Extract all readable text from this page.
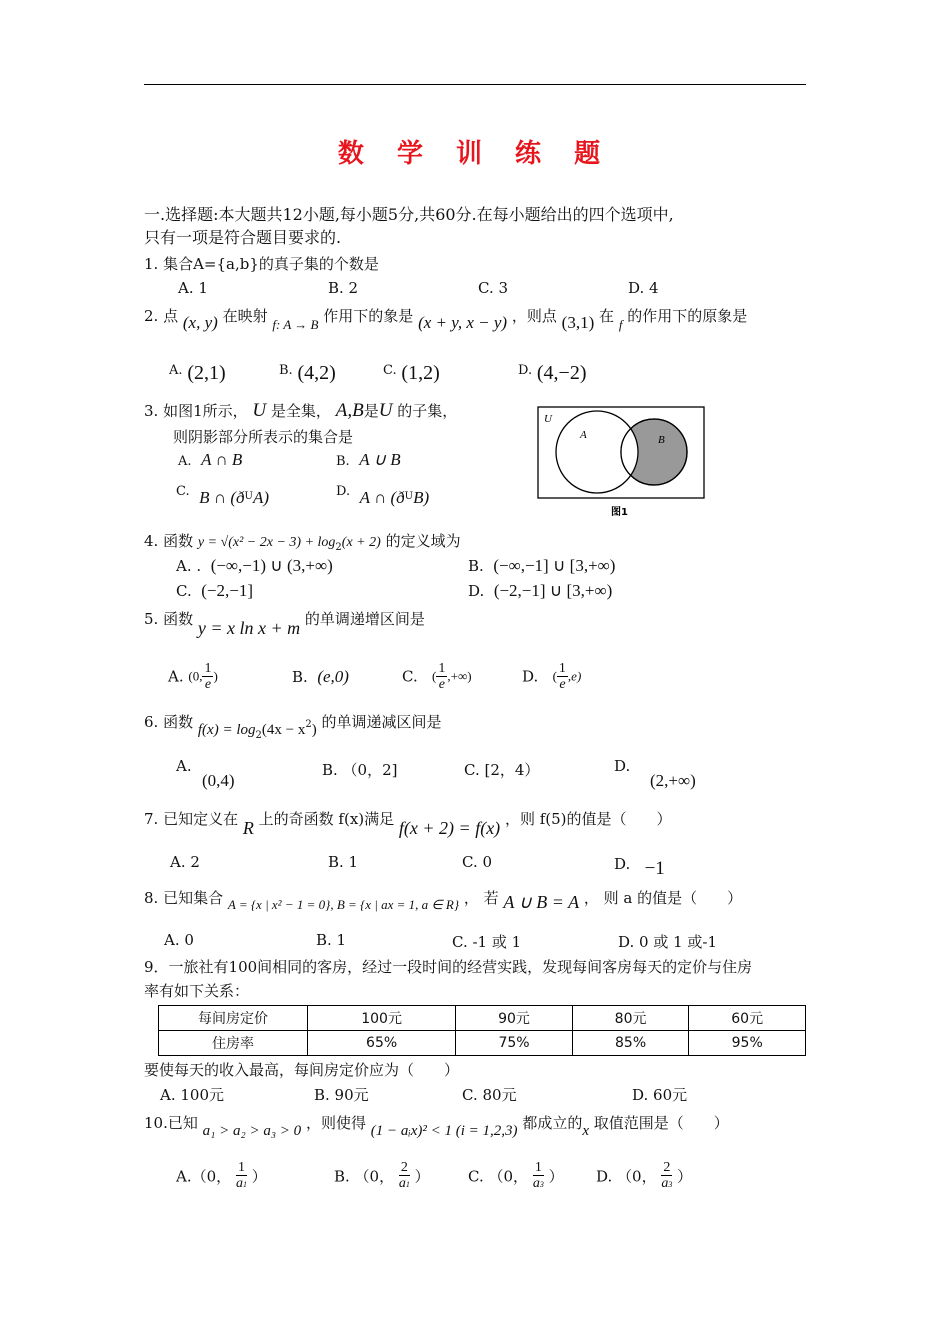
数 学 训 练 题
一.选择题:本大题共12小题,每小题5分,共60分.在每小题给出的四个选项中,
只有一项是符合题目要求的.
1. 集合A={a,b}的真子集的个数是
A. 1	B. 2	C. 3	D. 4
2. 点 (x, y) 在映射 f: A → B 作用下的象是 (x + y, x − y) ，则点 (3,1) 在 f 的作用下的原象是
A. (2,1)	B. (4,2)	C. (1,2)	D. (4,−2)
3. 如图1所示， U 是全集， A,B是U 的子集，
则阴影部分所表示的集合是
A. A ∩ B	B. A ∪ B
C. B ∩ $(ð_UA)$	D. A ∩ $(ð_UB)$
U
A	B
图1
4. 函数 $y = √(x^2 - 2x - 3) + \log_2(x + 2)$ 的定义域为
A. . (−∞,−1) ∪ (3,+∞)	B. (−∞,−1] ∪ [3,+∞)
C. (−2,−1]	D. (−2,−1] ∪ [3,+∞)
5. 函数 y = x ln x + m 的单调递增区间是
A. (0, $\frac{1}{e}$ )	B. (e,0)	C. ( $\frac{1}{e}$ ,+∞)	D. ( $\frac{1}{e} ,e$)
6. 函数 $f(x) = \log_2(4x - x^2)$ 的单调递减区间是
A.
(0,4)
B. （0，2]	C. [2，4）	D.
(2,+∞)
7. 已知定义在 R 上的奇函数 f(x)满足 f(x + 2) = f(x) ，则 f(5)的值是（　　）
A. 2	B. 1	C. 0	D. −1
8. 已知集合 A = {x | x² − 1 = 0}, B = {x | ax = 1, a ∈ R} ， 若 A ∪ B = A ， 则 a 的值是（　　）
A. 0	B. 1	C. -1 或 1	D. 0 或 1 或-1
9．一旅社有100间相同的客房，经过一段时间的经营实践，发现每间客房每天的定价与住房
率有如下关系：
每间房定价	100元	90元	80元	60元
住房率	65%	75%	85%	95%
要使每天的收入最高，每间房定价应为（　　）
A. 100元	B. 90元	C. 80元	D. 60元
10.已知 a₁ > a₂ > a₃ > 0 ，则使得 (1 − aᵢx)² < 1 (i = 1,2,3) 都成立的x 取值范围是（　　）
A.（0， $\frac{1}{a1}$ ）	B. （0， $\frac{2}{a1}$ ）	C. （0， $\frac{1}{a3}$ ） D. （0， $\frac{2}{a3}$ ）
